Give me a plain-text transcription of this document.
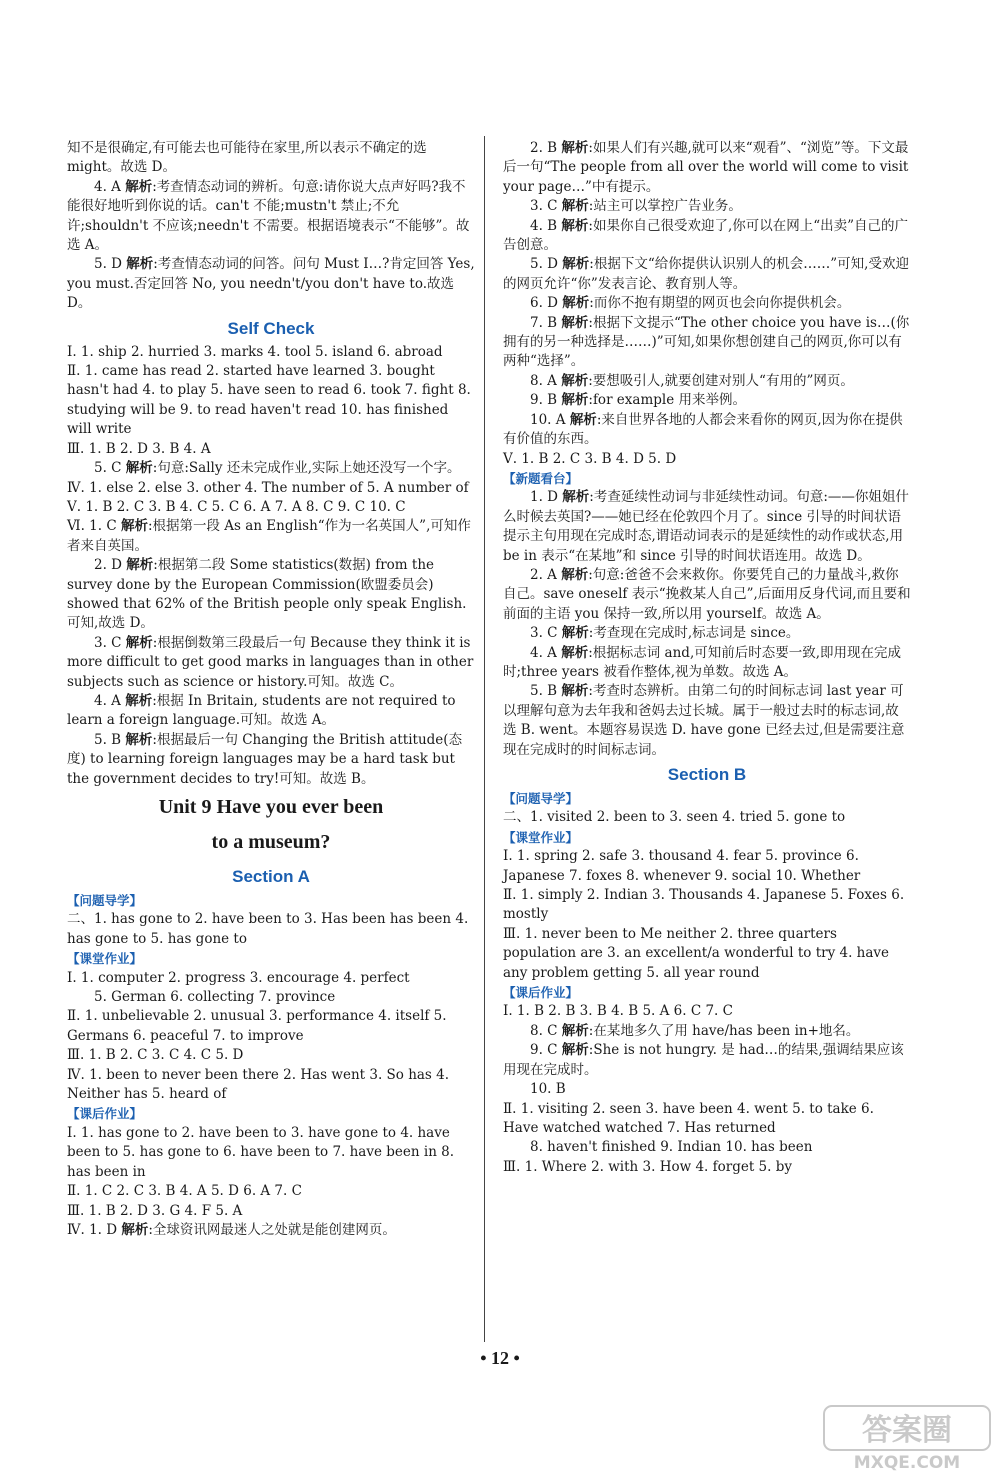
知不是很确定,有可能去也可能待在家里,所以表示不确定的选 might。故选 D。

4. A 解析:考查情态动词的辨析。句意:请你说大点声好吗?我不能很好地听到你说的话。can't 不能;mustn't 禁止;不允许;shouldn't 不应该;needn't 不需要。根据语境表示“不能够”。故选 A。

5. D 解析:考查情态动词的问答。问句 Must I…?肯定回答 Yes, you must.否定回答 No, you needn't/you don't have to.故选 D。

Self Check

Ⅰ. 1. ship 2. hurried 3. marks 4. tool 5. island 6. abroad

Ⅱ. 1. came has read 2. started have learned 3. bought hasn't had 4. to play 5. have seen to read 6. took 7. fight 8. studying will be 9. to read haven't read 10. has finished will write

Ⅲ. 1. B 2. D 3. B 4. A

5. C 解析:句意:Sally 还未完成作业,实际上她还没写一个字。

Ⅳ. 1. else 2. else 3. other 4. The number of 5. A number of

Ⅴ. 1. B 2. C 3. B 4. C 5. C 6. A 7. A 8. C 9. C 10. C

Ⅵ. 1. C 解析:根据第一段 As an English“作为一名英国人”,可知作者来自英国。

2. D 解析:根据第二段 Some statistics(数据) from the survey done by the European Commission(欧盟委员会) showed that 62% of the British people only speak English.可知,故选 D。

3. C 解析:根据倒数第三段最后一句 Because they think it is more difficult to get good marks in languages than in other subjects such as science or history.可知。故选 C。

4. A 解析:根据 In Britain, students are not required to learn a foreign language.可知。故选 A。

5. B 解析:根据最后一句 Changing the British attitude(态度) to learning foreign languages may be a hard task but the government decides to try!可知。故选 B。

Unit 9 Have you ever been
to a museum?
Section A
【问题导学】

二、1. has gone to 2. have been to 3. Has been has been 4. has gone to 5. has gone to

【课堂作业】

Ⅰ. 1. computer 2. progress 3. encourage 4. perfect

5. German 6. collecting 7. province

Ⅱ. 1. unbelievable 2. unusual 3. performance 4. itself 5. Germans 6. peaceful 7. to improve

Ⅲ. 1. B 2. C 3. C 4. C 5. D

Ⅳ. 1. been to never been there 2. Has went 3. So has 4. Neither has 5. heard of

【课后作业】

Ⅰ. 1. has gone to 2. have been to 3. have gone to 4. have been to 5. has gone to 6. have been to 7. have been in 8. has been in

Ⅱ. 1. C 2. C 3. B 4. A 5. D 6. A 7. C

Ⅲ. 1. B 2. D 3. G 4. F 5. A

Ⅳ. 1. D 解析:全球资讯网最迷人之处就是能创建网页。

2. B 解析:如果人们有兴趣,就可以来“观看”、“浏览”等。下文最后一句“The people from all over the world will come to visit your page…”中有提示。

3. C 解析:站主可以掌控广告业务。

4. B 解析:如果你自己很受欢迎了,你可以在网上“出卖”自己的广告创意。

5. D 解析:根据下文“给你提供认识别人的机会……”可知,受欢迎的网页允许“你”发表言论、教育别人等。

6. D 解析:而你不抱有期望的网页也会向你提供机会。

7. B 解析:根据下文提示“The other choice you have is…(你拥有的另一种选择是……)”可知,如果你想创建自己的网页,你可以有两种“选择”。

8. A 解析:要想吸引人,就要创建对别人“有用的”网页。

9. B 解析:for example 用来举例。

10. A 解析:来自世界各地的人都会来看你的网页,因为你在提供有价值的东西。

Ⅴ. 1. B 2. C 3. B 4. D 5. D

【新题看台】

1. D 解析:考查延续性动词与非延续性动词。句意:——你姐姐什么时候去英国?——她已经在伦敦四个月了。since 引导的时间状语提示主句用现在完成时态,谓语动词表示的是延续性的动作或状态,用 be in 表示“在某地”和 since 引导的时间状语连用。故选 D。

2. A 解析:句意:爸爸不会来救你。你要凭自己的力量战斗,救你自己。save oneself 表示“挽救某人自己”,后面用反身代词,而且要和前面的主语 you 保持一致,所以用 yourself。故选 A。

3. C 解析:考查现在完成时,标志词是 since。

4. A 解析:根据标志词 and,可知前后时态要一致,即用现在完成时;three years 被看作整体,视为单数。故选 A。

5. B 解析:考查时态辨析。由第二句的时间标志词 last year 可以理解句意为去年我和爸妈去过长城。属于一般过去时的标志词,故选 B. went。本题容易误选 D. have gone 已经去过,但是需要注意现在完成时的时间标志词。

Section B
【问题导学】

二、1. visited 2. been to 3. seen 4. tried 5. gone to

【课堂作业】

Ⅰ. 1. spring 2. safe 3. thousand 4. fear 5. province 6. Japanese 7. foxes 8. whenever 9. social 10. Whether

Ⅱ. 1. simply 2. Indian 3. Thousands 4. Japanese 5. Foxes 6. mostly

Ⅲ. 1. never been to Me neither 2. three quarters population are 3. an excellent/a wonderful to try 4. have any problem getting 5. all year round

【课后作业】

Ⅰ. 1. B 2. B 3. B 4. B 5. A 6. C 7. C

8. C 解析:在某地多久了用 have/has been in+地名。

9. C 解析:She is not hungry. 是 had…的结果,强调结果应该用现在完成时。

10. B

Ⅱ. 1. visiting 2. seen 3. have been 4. went 5. to take 6. Have watched watched 7. Has returned

8. haven't finished 9. Indian 10. has been

Ⅲ. 1. Where 2. with 3. How 4. forget 5. by

• 12 •
答案圈
MXQE.COM
